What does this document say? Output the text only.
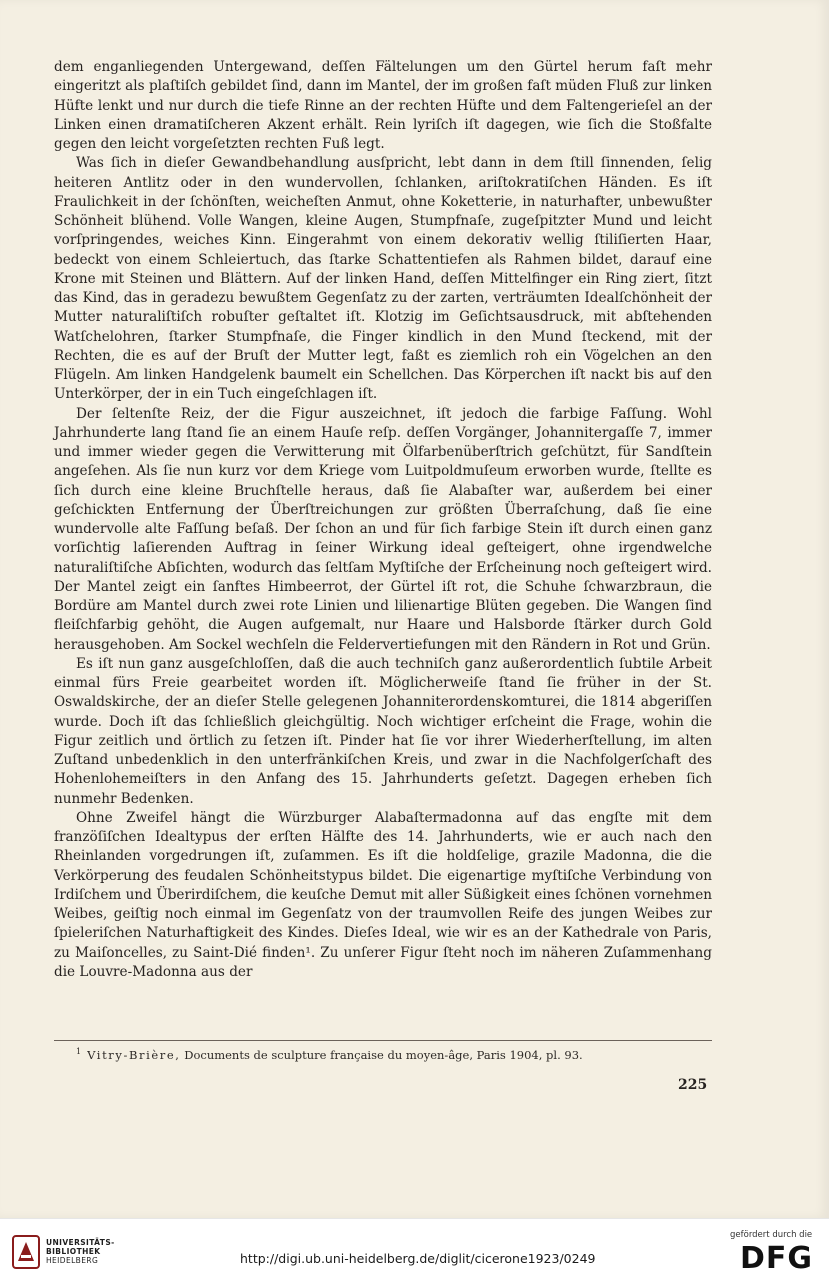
dem enganliegenden Untergewand, deſſen Fältelungen um den Gürtel herum faſt mehr eingeritzt als plaſtiſch gebildet ſind, dann im Mantel, der im großen faſt müden Fluß zur linken Hüfte lenkt und nur durch die tiefe Rinne an der rechten Hüfte und dem Faltengerieſel an der Linken einen dramatiſcheren Akzent erhält. Rein lyriſch iſt dagegen, wie ſich die Stoßfalte gegen den leicht vorgeſetzten rechten Fuß legt.

Was ſich in dieſer Gewandbehandlung ausſpricht, lebt dann in dem ſtill ſinnenden, ſelig heiteren Antlitz oder in den wundervollen, ſchlanken, ariſtokratiſchen Händen. Es iſt Fraulichkeit in der ſchönſten, weicheſten Anmut, ohne Koketterie, in naturhafter, unbewußter Schönheit blühend. Volle Wangen, kleine Augen, Stumpfnaſe, zugeſpitzter Mund und leicht vorſpringendes, weiches Kinn. Eingerahmt von einem dekorativ wellig ſtiliſierten Haar, bedeckt von einem Schleiertuch, das ſtarke Schattentiefen als Rahmen bildet, darauf eine Krone mit Steinen und Blättern. Auf der linken Hand, deſſen Mittelfinger ein Ring ziert, ſitzt das Kind, das in geradezu bewußtem Gegenſatz zu der zarten, verträumten Idealſchönheit der Mutter naturaliſtiſch robuſter geſtaltet iſt. Klotzig im Geſichtsausdruck, mit abſtehenden Watſchelohren, ſtarker Stumpfnaſe, die Finger kindlich in den Mund ſteckend, mit der Rechten, die es auf der Bruſt der Mutter legt, faßt es ziemlich roh ein Vögelchen an den Flügeln. Am linken Handgelenk baumelt ein Schellchen. Das Körperchen iſt nackt bis auf den Unterkörper, der in ein Tuch eingeſchlagen iſt.

Der ſeltenſte Reiz, der die Figur auszeichnet, iſt jedoch die farbige Faſſung. Wohl Jahrhunderte lang ſtand ſie an einem Hauſe reſp. deſſen Vorgänger, Johannitergaſſe 7, immer und immer wieder gegen die Verwitterung mit Ölfarbenüberſtrich geſchützt, für Sandſtein angeſehen. Als ſie nun kurz vor dem Kriege vom Luitpoldmuſeum erworben wurde, ſtellte es ſich durch eine kleine Bruchſtelle heraus, daß ſie Alabaſter war, außerdem bei einer geſchickten Entfernung der Überſtreichungen zur größten Überraſchung, daß ſie eine wundervolle alte Faſſung beſaß. Der ſchon an und für ſich farbige Stein iſt durch einen ganz vorſichtig laſierenden Auftrag in ſeiner Wirkung ideal geſteigert, ohne irgendwelche naturaliſtiſche Abſichten, wodurch das ſeltſam Myſtiſche der Erſcheinung noch geſteigert wird. Der Mantel zeigt ein ſanftes Himbeerrot, der Gürtel iſt rot, die Schuhe ſchwarzbraun, die Bordüre am Mantel durch zwei rote Linien und lilienartige Blüten gegeben. Die Wangen ſind fleiſchfarbig gehöht, die Augen aufgemalt, nur Haare und Halsborde ſtärker durch Gold herausgehoben. Am Sockel wechſeln die Feldervertiefungen mit den Rändern in Rot und Grün.

Es iſt nun ganz ausgeſchloſſen, daß die auch techniſch ganz außerordentlich ſubtile Arbeit einmal fürs Freie gearbeitet worden iſt. Möglicherweiſe ſtand ſie früher in der St. Oswaldskirche, der an dieſer Stelle gelegenen Johanniterordenskomturei, die 1814 abgeriſſen wurde. Doch iſt das ſchließlich gleichgültig. Noch wichtiger erſcheint die Frage, wohin die Figur zeitlich und örtlich zu ſetzen iſt. Pinder hat ſie vor ihrer Wiederherſtellung, im alten Zuſtand unbedenklich in den unterfränkiſchen Kreis, und zwar in die Nachfolgerſchaft des Hohenlohemeiſters in den Anfang des 15. Jahrhunderts geſetzt. Dagegen erheben ſich nunmehr Bedenken.

Ohne Zweifel hängt die Würzburger Alabaſtermadonna auf das engſte mit dem franzöſiſchen Idealtypus der erſten Hälfte des 14. Jahrhunderts, wie er auch nach den Rheinlanden vorgedrungen iſt, zuſammen. Es iſt die holdſelige, grazile Madonna, die die Verkörperung des feudalen Schönheitstypus bildet. Die eigenartige myſtiſche Verbindung von Irdiſchem und Überirdiſchem, die keuſche Demut mit aller Süßigkeit eines ſchönen vornehmen Weibes, geiſtig noch einmal im Gegenſatz von der traumvollen Reife des jungen Weibes zur ſpieleriſchen Naturhaftigkeit des Kindes. Dieſes Ideal, wie wir es an der Kathedrale von Paris, zu Maiſoncelles, zu Saint-Dié finden¹. Zu unſerer Figur ſteht noch im näheren Zuſammenhang die Louvre-Madonna aus der

$^1$ Vitry-Brière, Documents de sculpture française du moyen-âge, Paris 1904, pl. 93.
225
UNIVERSITÄTS-
BIBLIOTHEK
HEIDELBERG	http://digi.ub.uni-heidelberg.de/diglit/cicerone1923/0249
gefördert durch die
DFG
